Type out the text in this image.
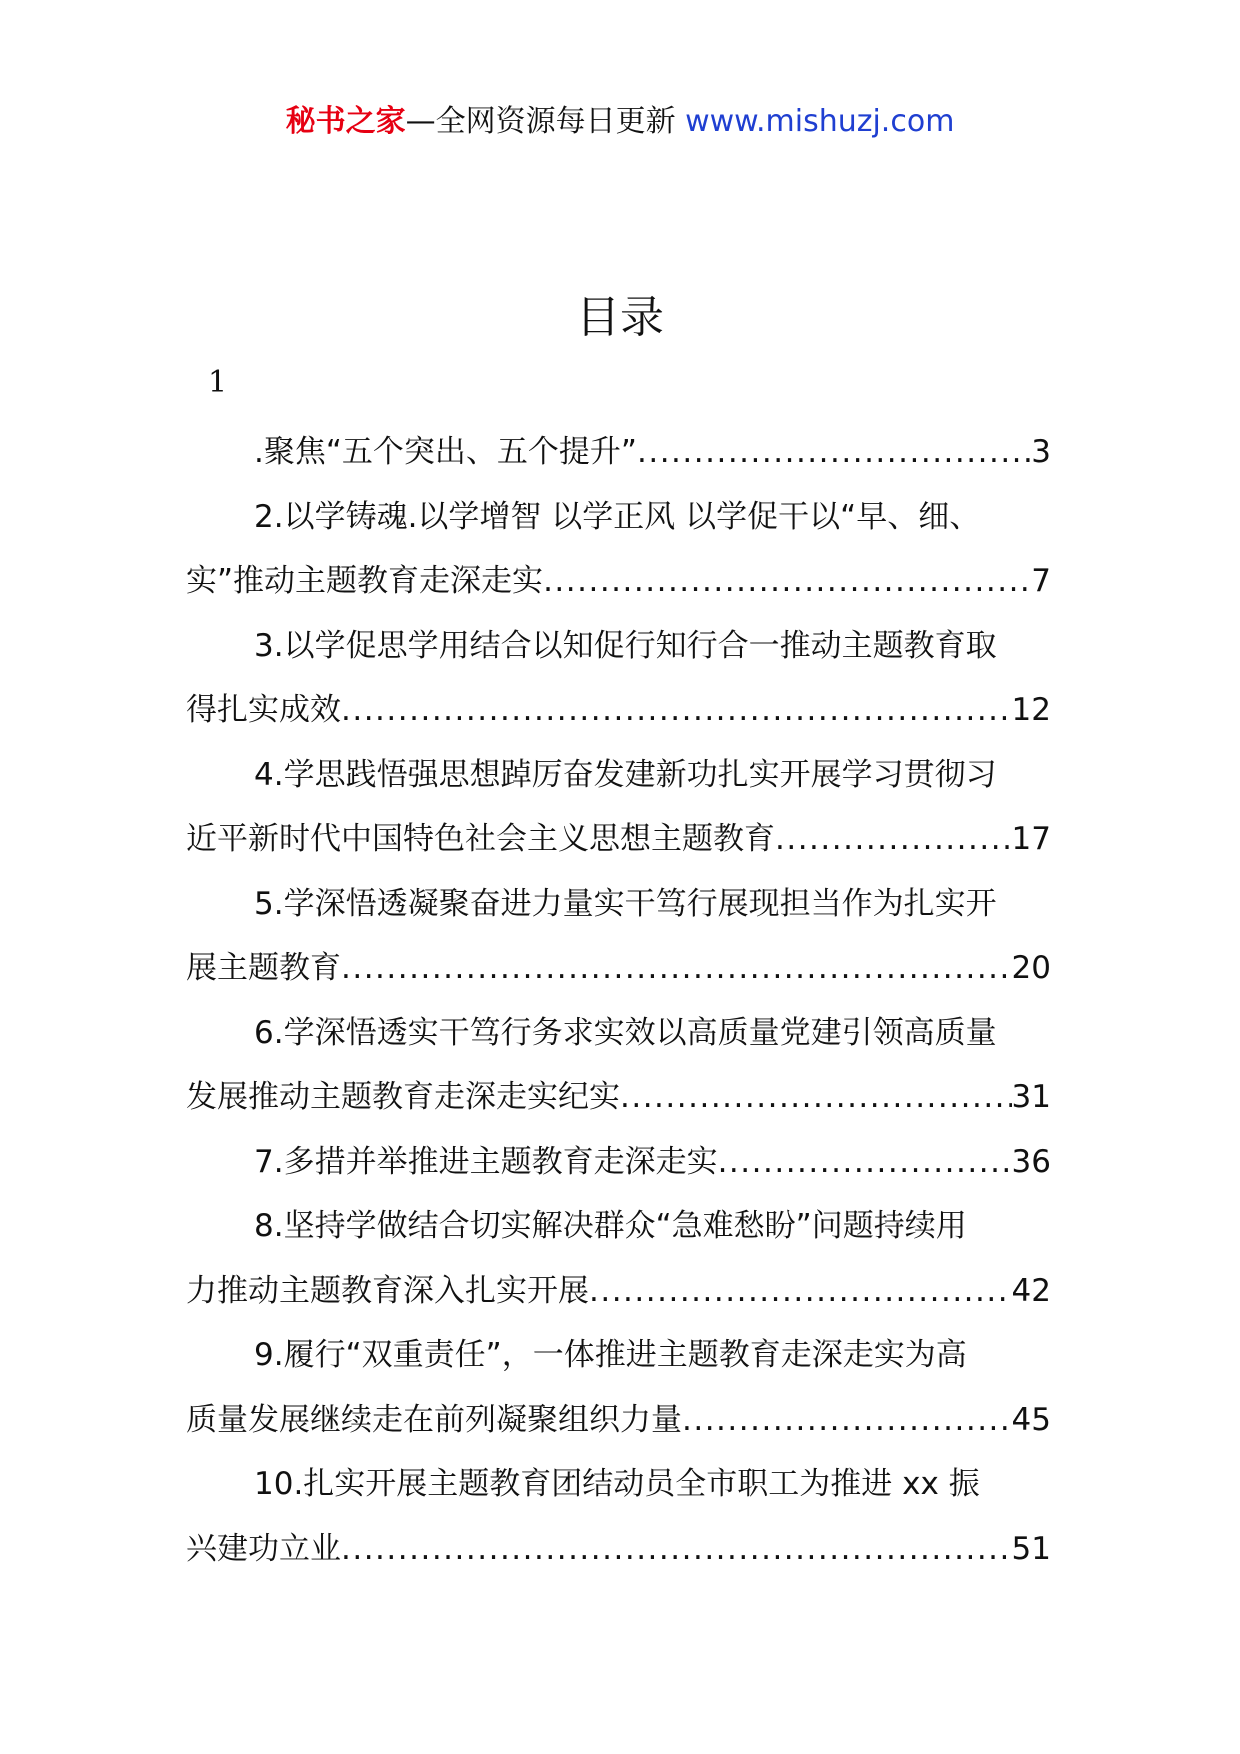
秘书之家—全网资源每日更新 www.mishuzj.com
目录
1
.聚焦“五个突出、五个提升” .....	3
2.以学铸魂.以学增智 以学正风 以学促干以“早、细、
实”推动主题教育走深走实 .....	7
3.以学促思学用结合以知促行知行合一推动主题教育取
得扎实成效 .....	12
4.学思践悟强思想踔厉奋发建新功扎实开展学习贯彻习
近平新时代中国特色社会主义思想主题教育 .....	17
5.学深悟透凝聚奋进力量实干笃行展现担当作为扎实开
展主题教育 .....	20
6.学深悟透实干笃行务求实效以高质量党建引领高质量
发展推动主题教育走深走实纪实 .....	31
7.多措并举推进主题教育走深走实 .....	36
8.坚持学做结合切实解决群众“急难愁盼”问题持续用
力推动主题教育深入扎实开展 .....	42
9.履行“双重责任”，一体推进主题教育走深走实为高
质量发展继续走在前列凝聚组织力量 .....	45
10.扎实开展主题教育团结动员全市职工为推进 xx 振
兴建功立业 .....	51
